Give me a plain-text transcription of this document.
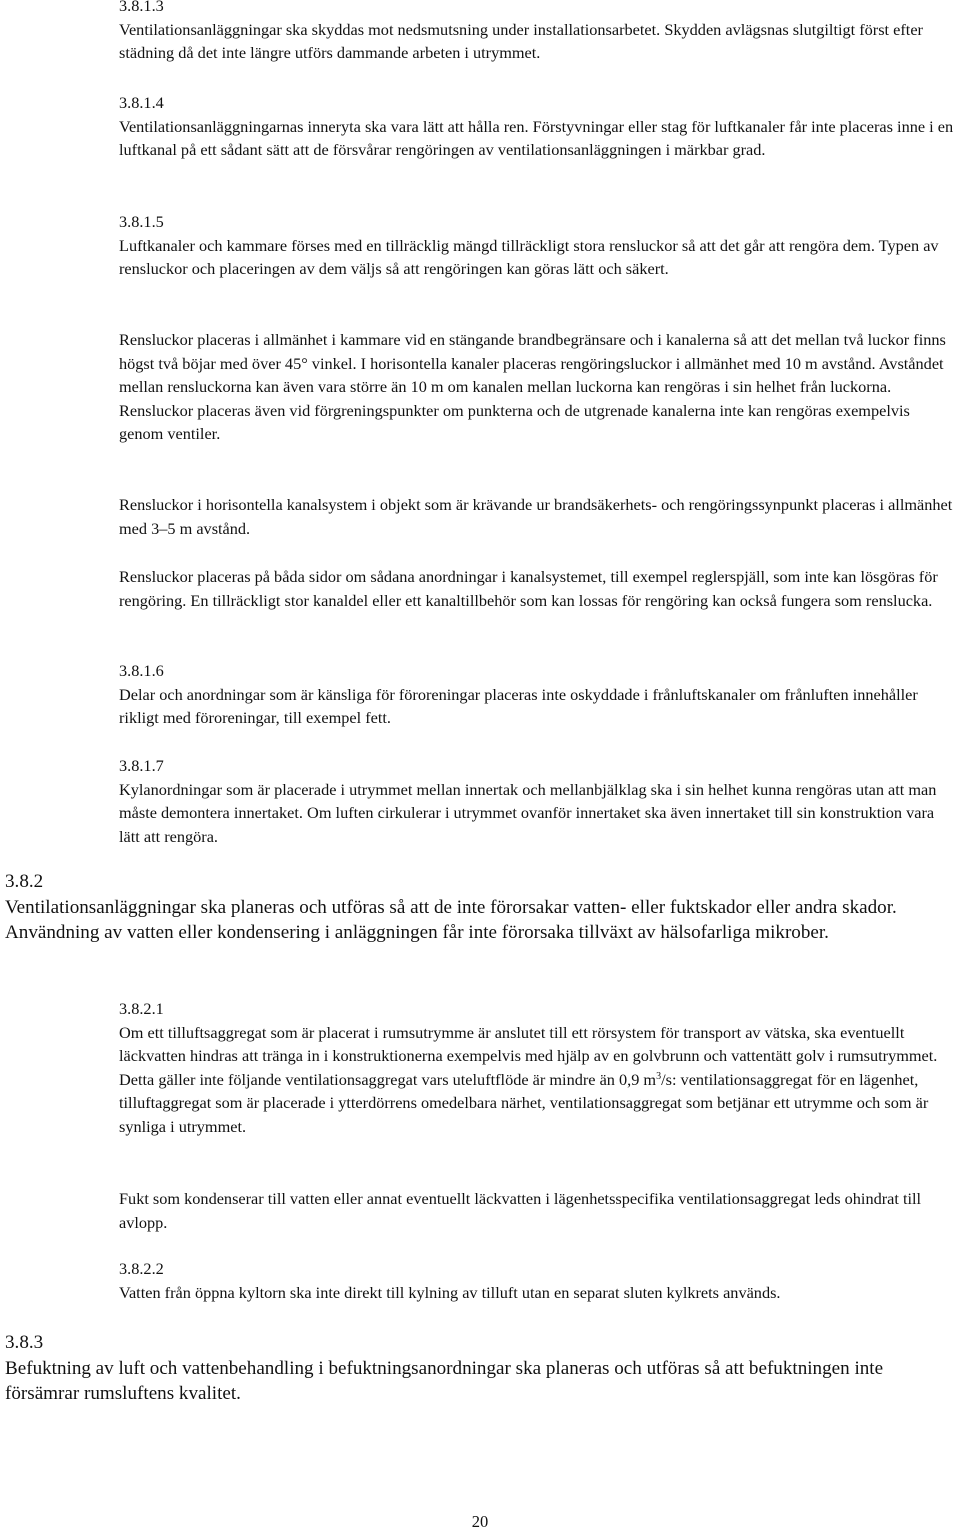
3.8.1.3
Ventilationsanläggningar ska skyddas mot nedsmutsning under installationsarbetet. Skydden avlägsnas slutgiltigt först efter städning då det inte längre utförs dammande arbeten i utrymmet.
3.8.1.4
Ventilationsanläggningarnas inneryta ska vara lätt att hålla ren. Förstyvningar eller stag för luftkanaler får inte placeras inne i en luftkanal på ett sådant sätt att de försvårar rengöringen av ventilationsanläggningen i märkbar grad.
3.8.1.5
Luftkanaler och kammare förses med en tillräcklig mängd tillräckligt stora rensluckor så att det går att rengöra dem. Typen av rensluckor och placeringen av dem väljs så att rengöringen kan göras lätt och säkert.

Rensluckor placeras i allmänhet i kammare vid en stängande brandbegränsare och i kanalerna så att det mellan två luckor finns högst två böjar med över 45° vinkel. I horisontella kanaler placeras rengöringsluckor i allmänhet med 10 m avstånd. Avståndet mellan rensluckorna kan även vara större än 10 m om kanalen mellan luckorna kan rengöras i sin helhet från luckorna. Rensluckor placeras även vid förgreningspunkter om punkterna och de utgrenade kanalerna inte kan rengöras exempelvis genom ventiler.

Rensluckor i horisontella kanalsystem i objekt som är krävande ur brandsäkerhets- och rengöringssynpunkt placeras i allmänhet med 3–5 m avstånd.

Rensluckor placeras på båda sidor om sådana anordningar i kanalsystemet, till exempel reglerspjäll, som inte kan lösgöras för rengöring. En tillräckligt stor kanaldel eller ett kanaltillbehör som kan lossas för rengöring kan också fungera som renslucka.

3.8.1.6
Delar och anordningar som är känsliga för föroreningar placeras inte oskyddade i frånluftskanaler om frånluften innehåller rikligt med föroreningar, till exempel fett.
3.8.1.7
Kylanordningar som är placerade i utrymmet mellan innertak och mellanbjälklag ska i sin helhet kunna rengöras utan att man måste demontera innertaket. Om luften cirkulerar i utrymmet ovanför innertaket ska även innertaket till sin konstruktion vara lätt att rengöra.
3.8.2
Ventilationsanläggningar ska planeras och utföras så att de inte förorsakar vatten- eller fuktskador eller andra skador. Användning av vatten eller kondensering i anläggningen får inte förorsaka tillväxt av hälsofarliga mikrober.
3.8.2.1
Om ett tilluftsaggregat som är placerat i rumsutrymme är anslutet till ett rörsystem för transport av vätska, ska eventuellt läckvatten hindras att tränga in i konstruktionerna exempelvis med hjälp av en golvbrunn och vattentätt golv i rumsutrymmet. Detta gäller inte följande ventilationsaggregat vars uteluftflöde är mindre än 0,9 $m^3/s$: ventilationsaggregat för en lägenhet, tilluftaggregat som är placerade i ytterdörrens omedelbara närhet, ventilationsaggregat som betjänar ett utrymme och som är synliga i utrymmet.

Fukt som kondenserar till vatten eller annat eventuellt läckvatten i lägenhetsspecifika ventilationsaggregat leds ohindrat till avlopp.

3.8.2.2
Vatten från öppna kyltorn ska inte direkt till kylning av tilluft utan en separat sluten kylkrets används.
3.8.3
Befuktning av luft och vattenbehandling i befuktningsanordningar ska planeras och utföras så att befuktningen inte försämrar rumsluftens kvalitet.
20
